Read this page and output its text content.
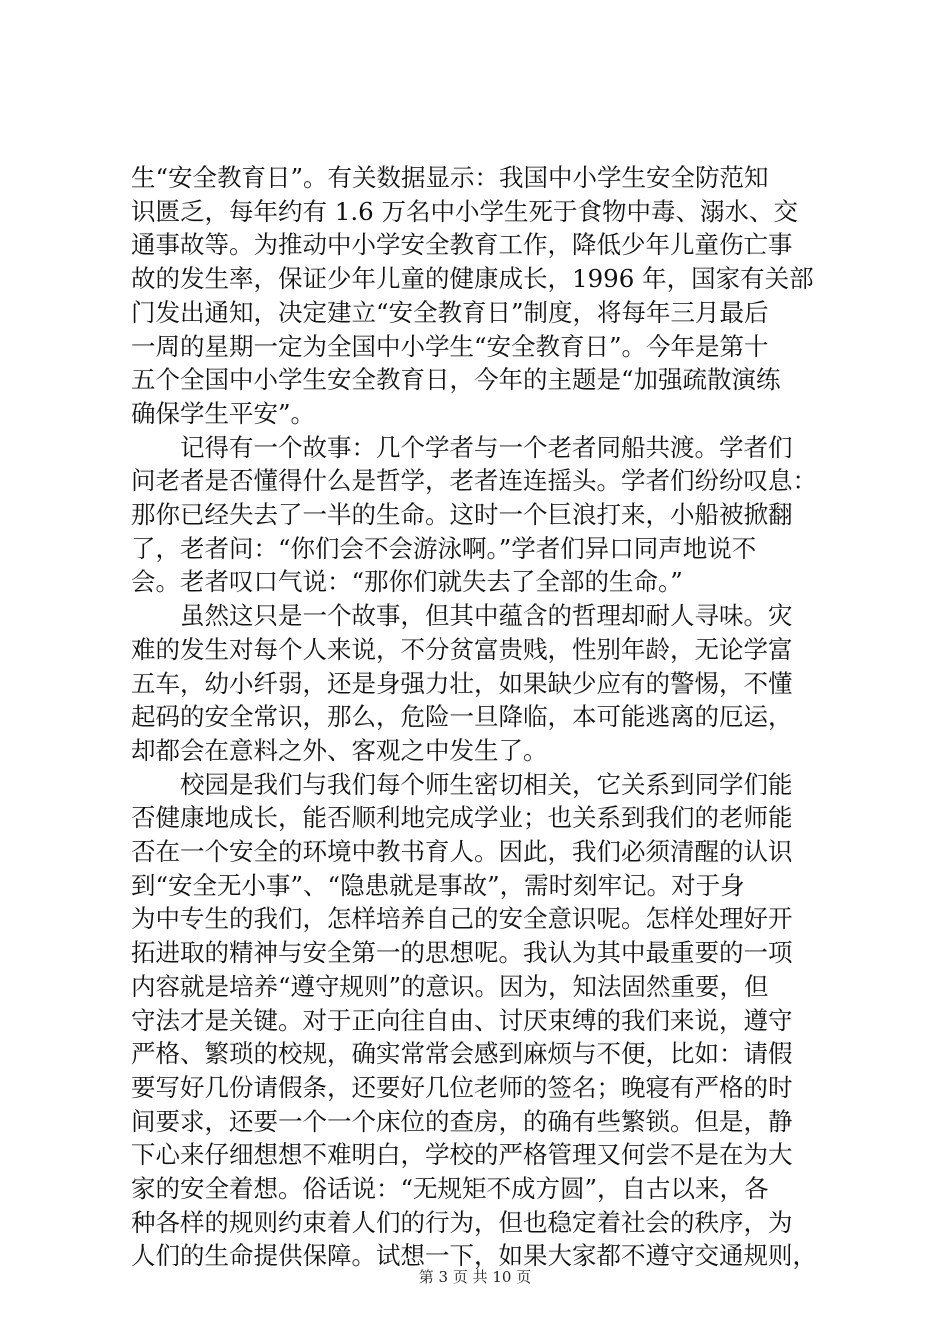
生“安全教育日”。有关数据显示：我国中小学生安全防范知
识匮乏，每年约有 1.6 万名中小学生死于食物中毒、溺水、交
通事故等。为推动中小学安全教育工作，降低少年儿童伤亡事
故的发生率，保证少年儿童的健康成长，1996 年，国家有关部
门发出通知，决定建立“安全教育日”制度，将每年三月最后
一周的星期一定为全国中小学生“安全教育日”。今年是第十
五个全国中小学生安全教育日，今年的主题是“加强疏散演练
确保学生平安”。
　　记得有一个故事：几个学者与一个老者同船共渡。学者们
问老者是否懂得什么是哲学，老者连连摇头。学者们纷纷叹息：
那你已经失去了一半的生命。这时一个巨浪打来，小船被掀翻
了，老者问：“你们会不会游泳啊。”学者们异口同声地说不
会。老者叹口气说：“那你们就失去了全部的生命。”
　　虽然这只是一个故事，但其中蕴含的哲理却耐人寻味。灾
难的发生对每个人来说，不分贫富贵贱，性别年龄，无论学富
五车，幼小纤弱，还是身强力壮，如果缺少应有的警惕，不懂
起码的安全常识，那么，危险一旦降临，本可能逃离的厄运，
却都会在意料之外、客观之中发生了。
　　校园是我们与我们每个师生密切相关，它关系到同学们能
否健康地成长，能否顺利地完成学业；也关系到我们的老师能
否在一个安全的环境中教书育人。因此，我们必须清醒的认识
到“安全无小事”、“隐患就是事故”，需时刻牢记。对于身
为中专生的我们，怎样培养自己的安全意识呢。怎样处理好开
拓进取的精神与安全第一的思想呢。我认为其中最重要的一项
内容就是培养“遵守规则”的意识。因为，知法固然重要，但
守法才是关键。对于正向往自由、讨厌束缚的我们来说，遵守
严格、繁琐的校规，确实常常会感到麻烦与不便，比如：请假
要写好几份请假条，还要好几位老师的签名；晚寝有严格的时
间要求，还要一个一个床位的查房，的确有些繁锁。但是，静
下心来仔细想想不难明白，学校的严格管理又何尝不是在为大
家的安全着想。俗话说：“无规矩不成方圆”，自古以来，各
种各样的规则约束着人们的行为，但也稳定着社会的秩序，为
人们的生命提供保障。试想一下，如果大家都不遵守交通规则，
第 3 页 共 10 页
